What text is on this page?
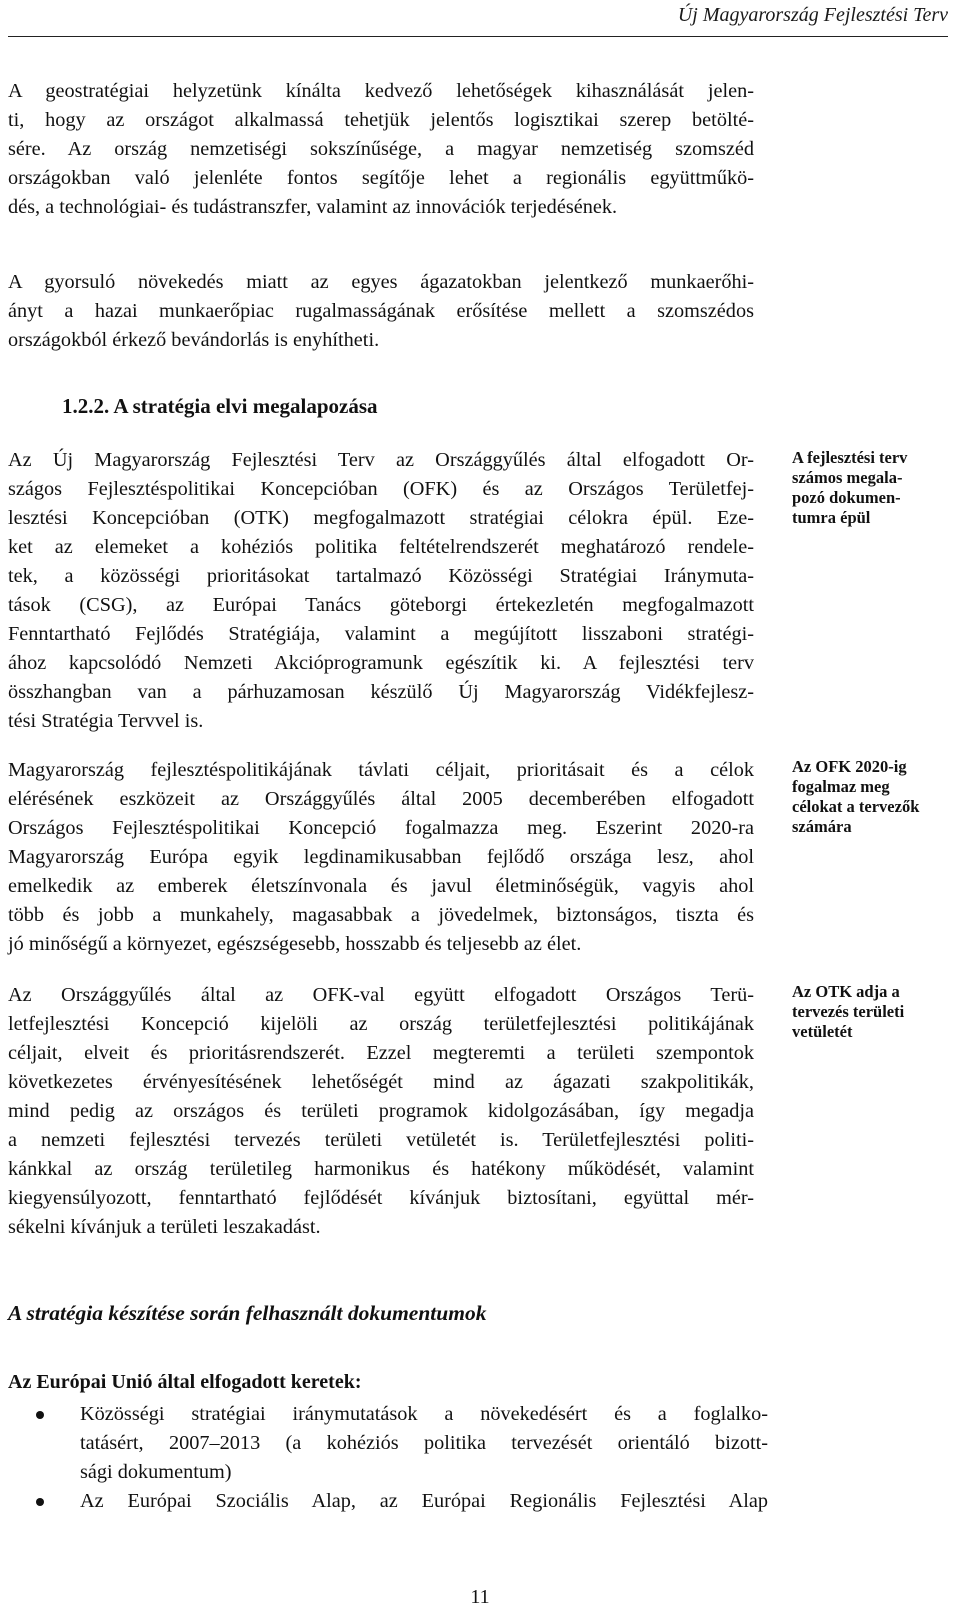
Új Magyarország Fejlesztési Terv

A geostratégiai helyzetünk kínálta kedvező lehetőségek kihasználását jelen-
ti, hogy az országot alkalmassá tehetjük jelentős logisztikai szerep betölté-
sére. Az ország nemzetiségi sokszínűsége, a magyar nemzetiség szomszéd
országokban való jelenléte fontos segítője lehet a regionális együttműkö-
dés, a technológiai- és tudástranszfer, valamint az innovációk terjedésének.

A gyorsuló növekedés miatt az egyes ágazatokban jelentkező munkaerőhi-
ányt a hazai munkaerőpiac rugalmasságának erősítése mellett a szomszédos
országokból érkező bevándorlás is enyhítheti.

1.2.2. A stratégia elvi megalapozása

Az Új Magyarország Fejlesztési Terv az Országgyűlés által elfogadott Or-
szágos Fejlesztéspolitikai Koncepcióban (OFK) és az Országos Területfej-
lesztési Koncepcióban (OTK) megfogalmazott stratégiai célokra épül. Eze-
ket az elemeket a kohéziós politika feltételrendszerét meghatározó rendele-
tek, a közösségi prioritásokat tartalmazó Közösségi Stratégiai Iránymuta-
tások (CSG), az Európai Tanács göteborgi értekezletén megfogalmazott
Fenntartható Fejlődés Stratégiája, valamint a megújított lisszaboni stratégi-
ához kapcsolódó Nemzeti Akcióprogramunk egészítik ki. A fejlesztési terv
összhangban van a párhuzamosan készülő Új Magyarország Vidékfejlesz-
tési Stratégia Tervvel is.

Magyarország fejlesztéspolitikájának távlati céljait, prioritásait és a célok
elérésének eszközeit az Országgyűlés által 2005 decemberében elfogadott
Országos Fejlesztéspolitikai Koncepció fogalmazza meg. Eszerint 2020-ra
Magyarország Európa egyik legdinamikusabban fejlődő országa lesz, ahol
emelkedik az emberek életszínvonala és javul életminőségük, vagyis ahol
több és jobb a munkahely, magasabbak a jövedelmek, biztonságos, tiszta és
jó minőségű a környezet, egészségesebb, hosszabb és teljesebb az élet.

Az Országgyűlés által az OFK-val együtt elfogadott Országos Terü-
letfejlesztési Koncepció kijelöli az ország területfejlesztési politikájának
céljait, elveit és prioritásrendszerét. Ezzel megteremti a területi szempontok
következetes érvényesítésének lehetőségét mind az ágazati szakpolitikák,
mind pedig az országos és területi programok kidolgozásában, így megadja
a nemzeti fejlesztési tervezés területi vetületét is. Területfejlesztési politi-
kánkkal az ország területileg harmonikus és hatékony működését, valamint
kiegyensúlyozott, fenntartható fejlődését kívánjuk biztosítani, együttal mér-
sékelni kívánjuk a területi leszakadást.

A fejlesztési terv
számos megala-
pozó dokumen-
tumra épül

Az OFK 2020-ig
fogalmaz meg
célokat a tervezők
számára

Az OTK adja a
tervezés területi
vetületét

A stratégia készítése során felhasznált dokumentumok
Az Európai Unió által elfogadott keretek:
Közösségi stratégiai iránymutatások a növekedésért és a foglalko-
tatásért, 2007–2013 (a kohéziós politika tervezését orientáló bizott-
sági dokumentum)
Az Európai Szociális Alap, az Európai Regionális Fejlesztési Alap
11
